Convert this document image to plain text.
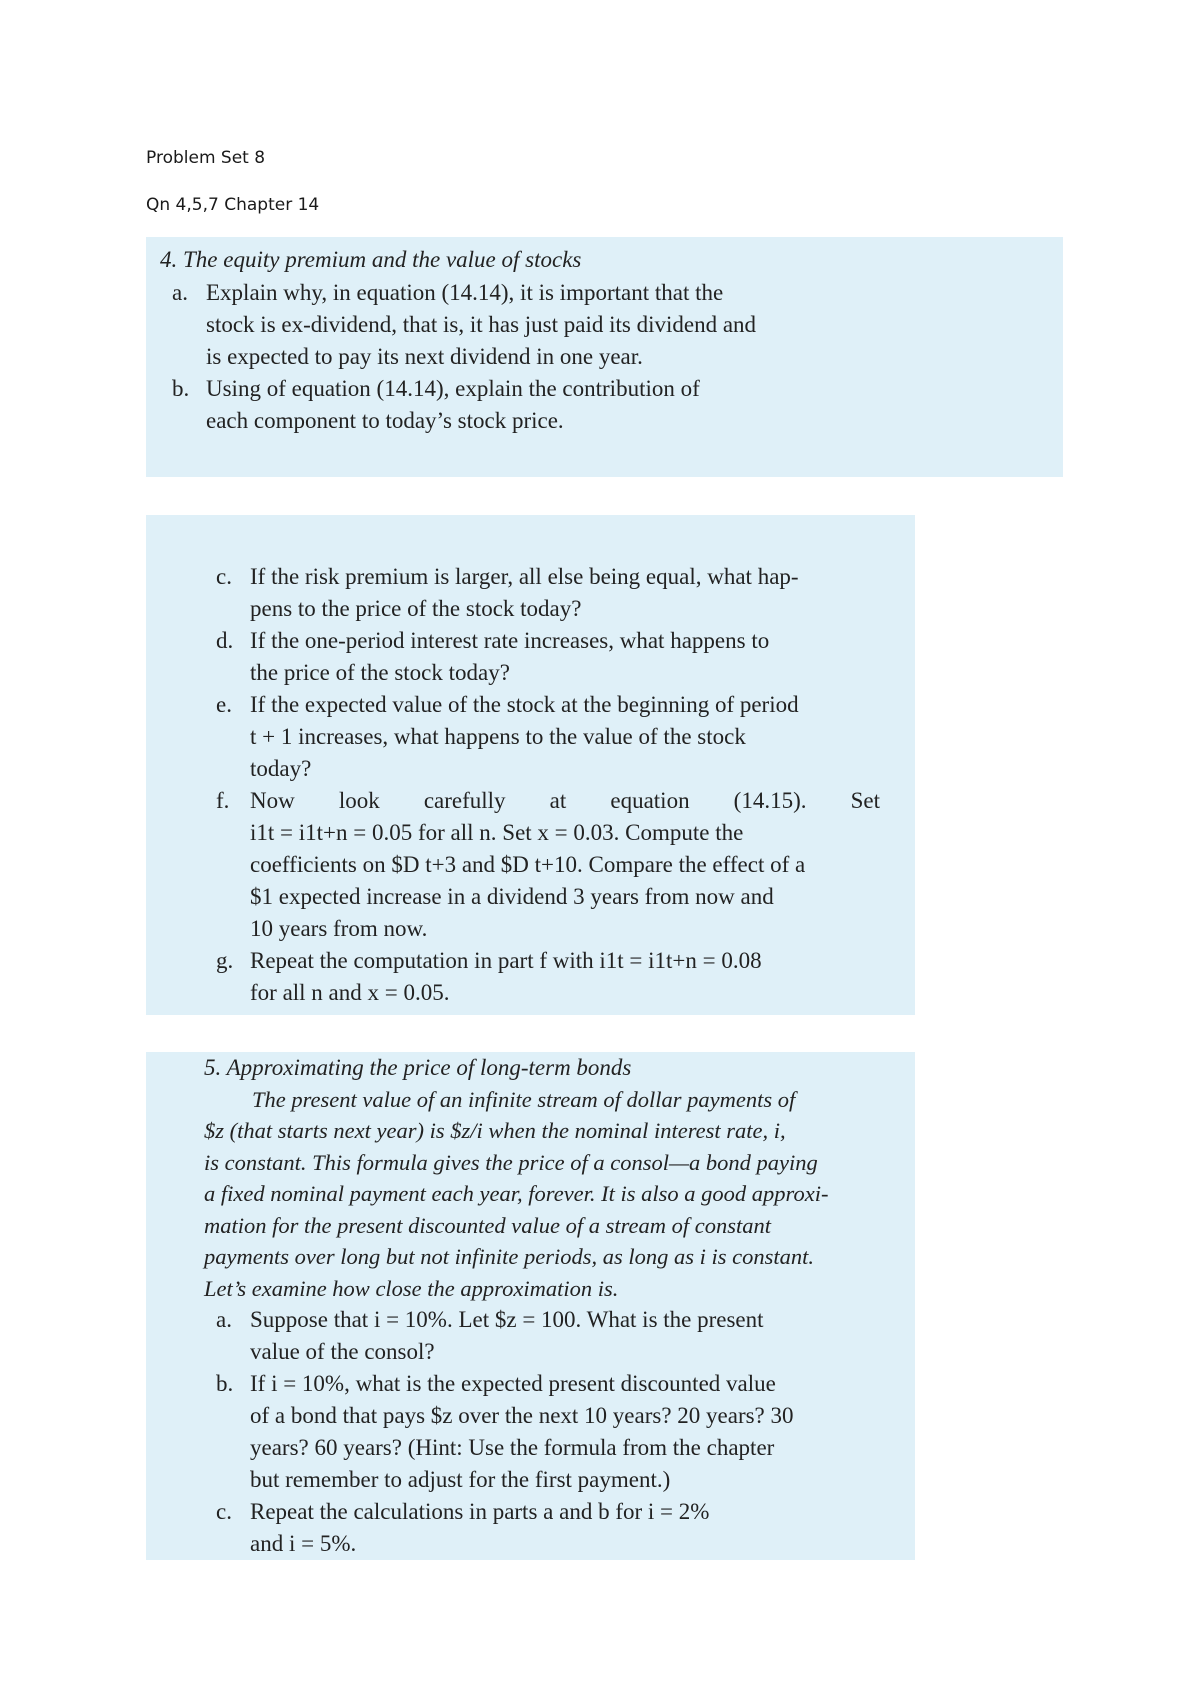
Problem Set 8
Qn 4,5,7 Chapter 14
4. The equity premium and the value of stocks
a. Explain why, in equation (14.14), it is important that the
stock is ex-dividend, that is, it has just paid its dividend and
is expected to pay its next dividend in one year.
b. Using of equation (14.14), explain the contribution of
each component to today’s stock price.
c. If the risk premium is larger, all else being equal, what hap-
pens to the price of the stock today?
d. If the one-period interest rate increases, what happens to
the price of the stock today?
e. If the expected value of the stock at the beginning of period
t + 1 increases, what happens to the value of the stock
today?
f. Now look carefully at equation (14.15). Set
i1t = i1t+n = 0.05 for all n. Set x = 0.03. Compute the
coefficients on $D t+3 and $D t+10. Compare the effect of a
$1 expected increase in a dividend 3 years from now and
10 years from now.
g. Repeat the computation in part f with i1t = i1t+n = 0.08
for all n and x = 0.05.
5. Approximating the price of long-term bonds
The present value of an infinite stream of dollar payments of
$z (that starts next year) is $z/i when the nominal interest rate, i,
is constant. This formula gives the price of a consol—a bond paying
a fixed nominal payment each year, forever. It is also a good approxi-
mation for the present discounted value of a stream of constant
payments over long but not infinite periods, as long as i is constant.
Let’s examine how close the approximation is.
a. Suppose that i = 10%. Let $z = 100. What is the present
value of the consol?
b. If i = 10%, what is the expected present discounted value
of a bond that pays $z over the next 10 years? 20 years? 30
years? 60 years? (Hint: Use the formula from the chapter
but remember to adjust for the first payment.)
c. Repeat the calculations in parts a and b for i = 2%
and i = 5%.
